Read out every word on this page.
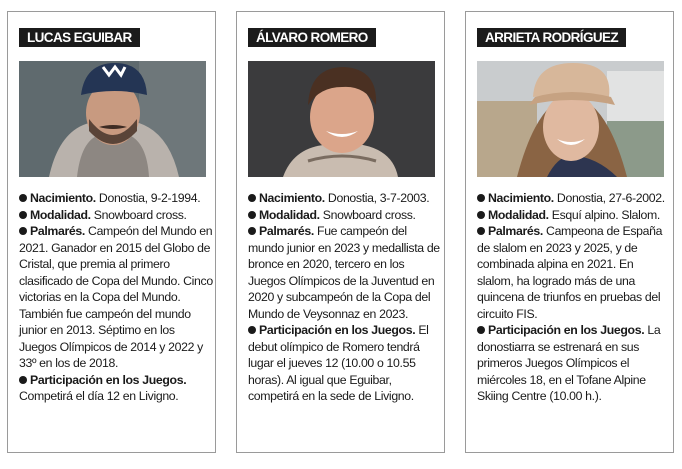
LUCAS EGUIBAR

Nacimiento. Donostia, 9-2-1994.

Modalidad. Snowboard cross.

Palmarés. Campeón del Mundo en 2021. Ganador en 2015 del Globo de Cristal, que premia al primero clasificado de Copa del Mundo. Cinco victorias en la Copa del Mundo. También fue campeón del mundo junior en 2013. Séptimo en los Juegos Olímpicos de 2014 y 2022 y 33º en los de 2018.

Participación en los Juegos. Competirá el día 12 en Livigno.

ÁLVARO ROMERO

Nacimiento. Donostia, 3-7-2003.

Modalidad. Snowboard cross.

Palmarés. Fue campeón del mundo junior en 2023 y medallista de bronce en 2020, tercero en los Juegos Olímpicos de la Juventud en 2020 y subcampeón de la Copa del Mundo de Veysonnaz en 2023.

Participación en los Juegos. El debut olímpico de Romero tendrá lugar el jueves 12 (10.00 o 10.55 horas). Al igual que Eguibar, competirá en la sede de Livigno.

ARRIETA RODRÍGUEZ

Nacimiento. Donostia, 27-6-2002.

Modalidad. Esquí alpino. Slalom.

Palmarés. Campeona de España de slalom en 2023 y 2025, y de combinada alpina en 2021. En slalom, ha logrado más de una quincena de triunfos en pruebas del circuito FIS.

Participación en los Juegos. La donostiarra se estrenará en sus primeros Juegos Olímpicos el miércoles 18, en el Tofane Alpine Skiing Centre (10.00 h.).
